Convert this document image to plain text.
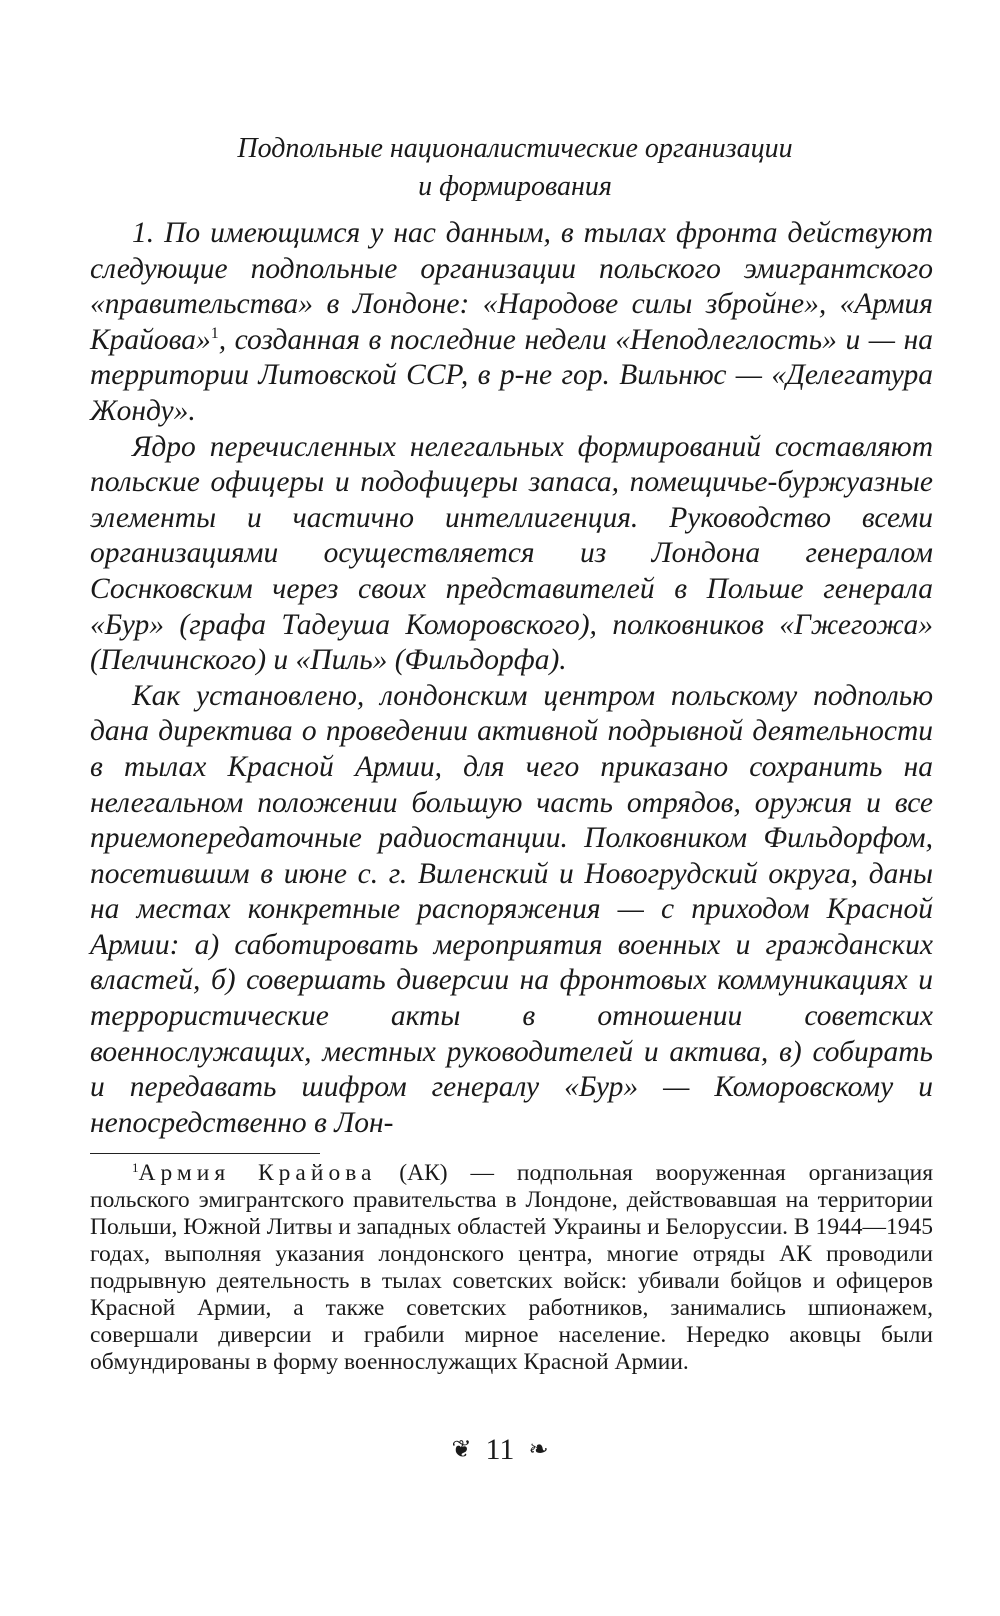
Подпольные националистические организации
и формирования

1. По имеющимся у нас данным, в тылах фронта действуют следующие подпольные организации польского эмигрантского «правительства» в Лондоне: «Народове силы збройне», «Армия Крайова»$^1$, созданная в последние недели «Неподлеглость» и — на территории Литовской ССР, в р-не гор. Вильнюс — «Делегатура Жонду».

Ядро перечисленных нелегальных формирований составляют польские офицеры и подофицеры запаса, помещичье-буржуазные элементы и частично интеллигенция. Руководство всеми организациями осуществляется из Лондона генералом Соснковским через своих представителей в Польше генерала «Бур» (графа Тадеуша Коморовского), полковников «Гжегожа» (Пелчинского) и «Пиль» (Фильдорфа).

Как установлено, лондонским центром польскому подполью дана директива о проведении активной подрывной деятельности в тылах Красной Армии, для чего приказано сохранить на нелегальном положении большую часть отрядов, оружия и все приемопередаточные радиостанции. Полковником Фильдорфом, посетившим в июне с. г. Виленский и Новогрудский округа, даны на местах конкретные распоряжения — с приходом Красной Армии: а) саботировать мероприятия военных и гражданских властей, б) совершать диверсии на фронтовых коммуникациях и террористические акты в отношении советских военнослужащих, местных руководителей и актива, в) собирать и передавать шифром генералу «Бур» — Коморовскому и непосредственно в Лон-

$^1$Армия Крайова (АК) — подпольная вооруженная организация польского эмигрантского правительства в Лондоне, действовавшая на территории Польши, Южной Литвы и западных областей Украины и Белоруссии. В 1944—1945 годах, выполняя указания лондонского центра, многие отряды АК проводили подрывную деятельность в тылах советских войск: убивали бойцов и офицеров Красной Армии, а также советских работников, занимались шпионажем, совершали диверсии и грабили мирное население. Нередко аковцы были обмундированы в форму военнослужащих Красной Армии.

❦ 11 ❧
